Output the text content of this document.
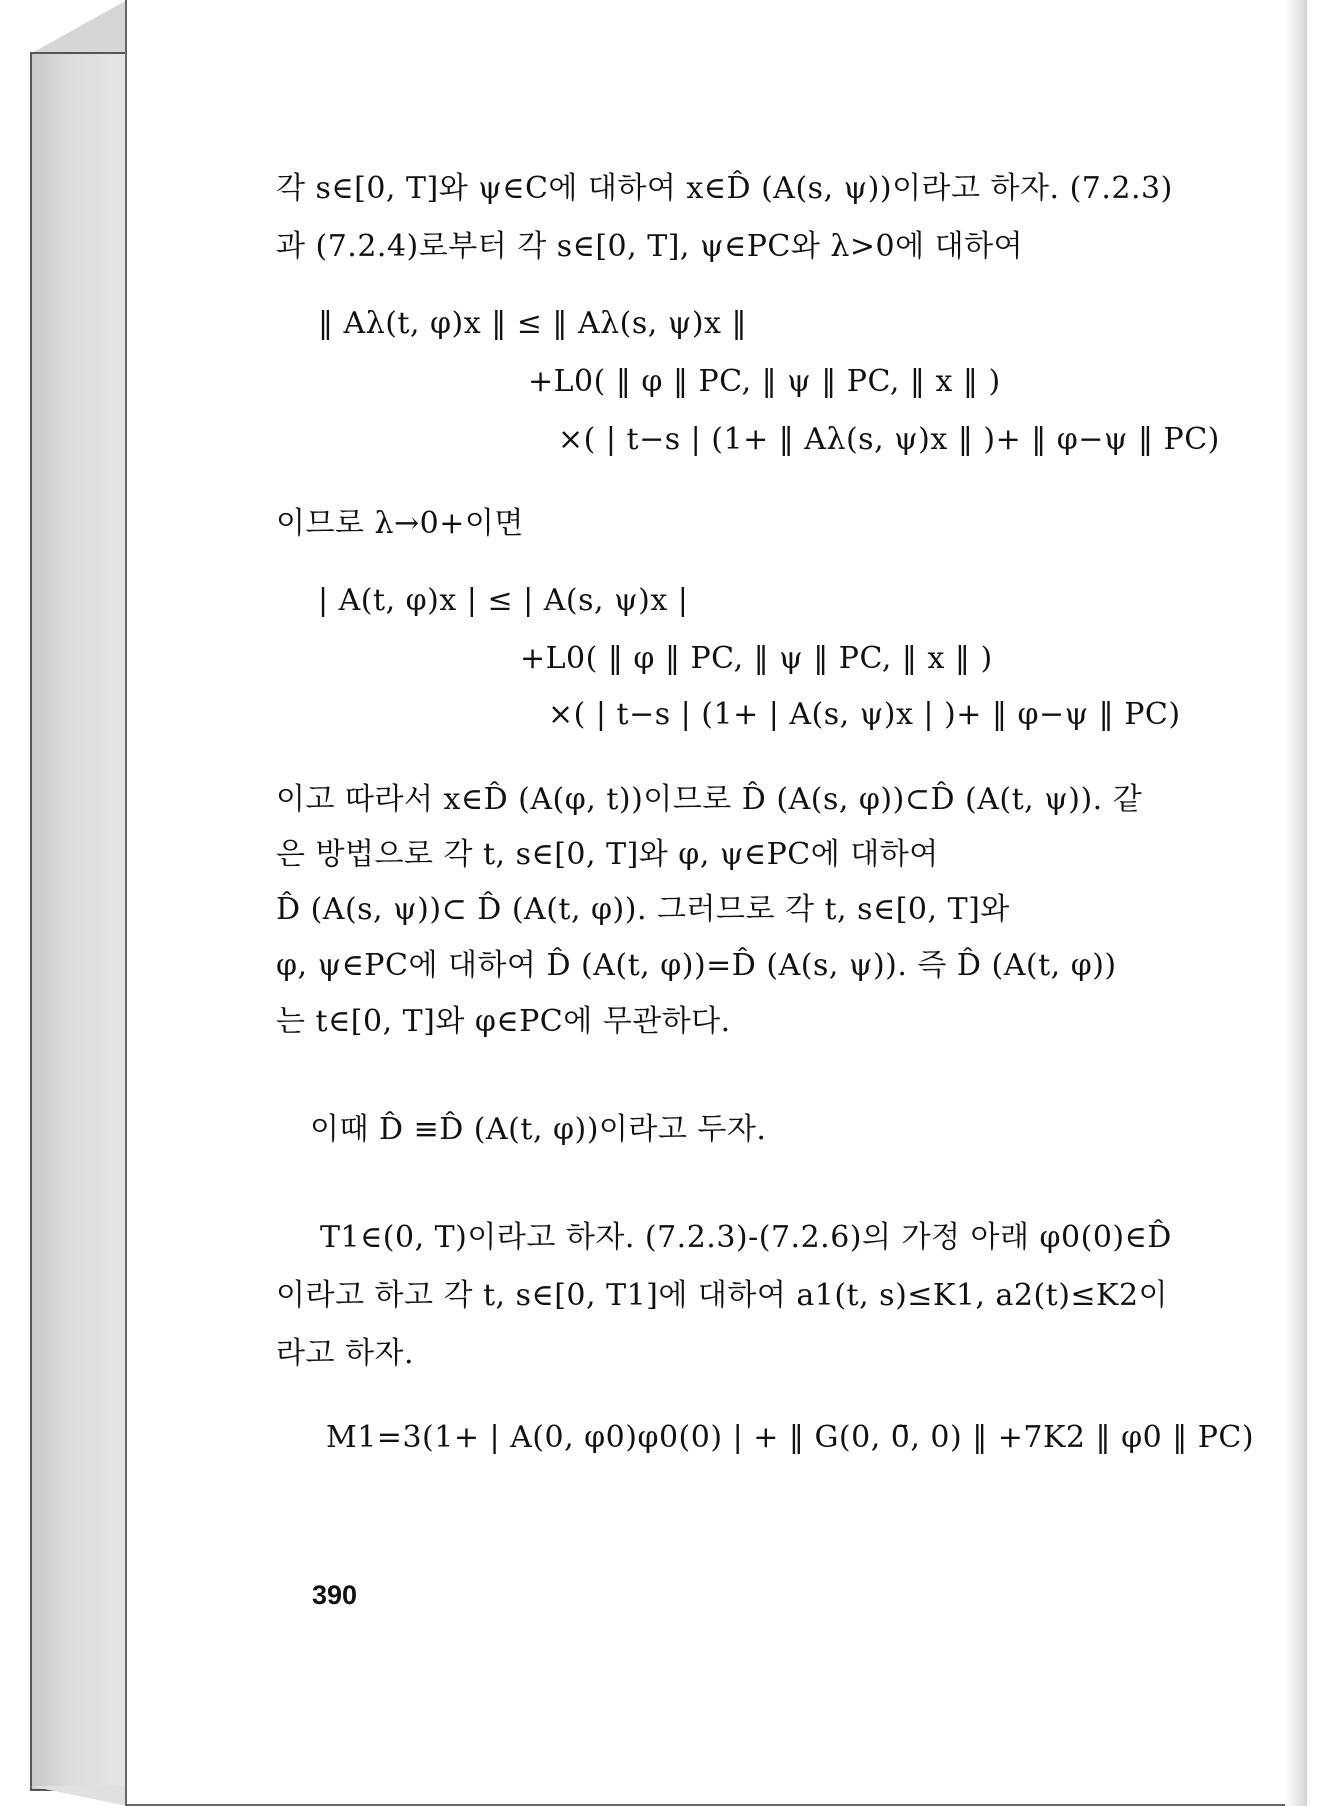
각 s∈[0, T]와 ψ∈C에 대하여 x∈D̂ (A(s, ψ))이라고 하자. (7.2.3)
과 (7.2.4)로부터 각 s∈[0, T], ψ∈PC와 λ>0에 대하여
‖ Aλ(t, φ)x ‖ ≤ ‖ Aλ(s, ψ)x ‖
+L0( ‖ φ ‖ PC, ‖ ψ ‖ PC, ‖ x ‖ )
×( | t−s | (1+ ‖ Aλ(s, ψ)x ‖ )+ ‖ φ−ψ ‖ PC)
이므로 λ→0+이면
| A(t, φ)x | ≤ | A(s, ψ)x |
+L0( ‖ φ ‖ PC, ‖ ψ ‖ PC, ‖ x ‖ )
×( | t−s | (1+ | A(s, ψ)x | )+ ‖ φ−ψ ‖ PC)
이고 따라서 x∈D̂ (A(φ, t))이므로 D̂ (A(s, φ))⊂D̂ (A(t, ψ)). 같
은 방법으로 각 t, s∈[0, T]와 φ, ψ∈PC에 대하여
D̂ (A(s, ψ))⊂ D̂ (A(t, φ)). 그러므로 각 t, s∈[0, T]와
φ, ψ∈PC에 대하여 D̂ (A(t, φ))=D̂ (A(s, ψ)). 즉 D̂ (A(t, φ))
는 t∈[0, T]와 φ∈PC에 무관하다.
이때 D̂ ≡D̂ (A(t, φ))이라고 두자.
T1∈(0, T)이라고 하자. (7.2.3)-(7.2.6)의 가정 아래 φ0(0)∈D̂
이라고 하고 각 t, s∈[0, T1]에 대하여 a1(t, s)≤K1, a2(t)≤K2이
라고 하자.
M1=3(1+ | A(0, φ0)φ0(0) | + ‖ G(0, 0̄, 0) ‖ +7K2 ‖ φ0 ‖ PC)
390
